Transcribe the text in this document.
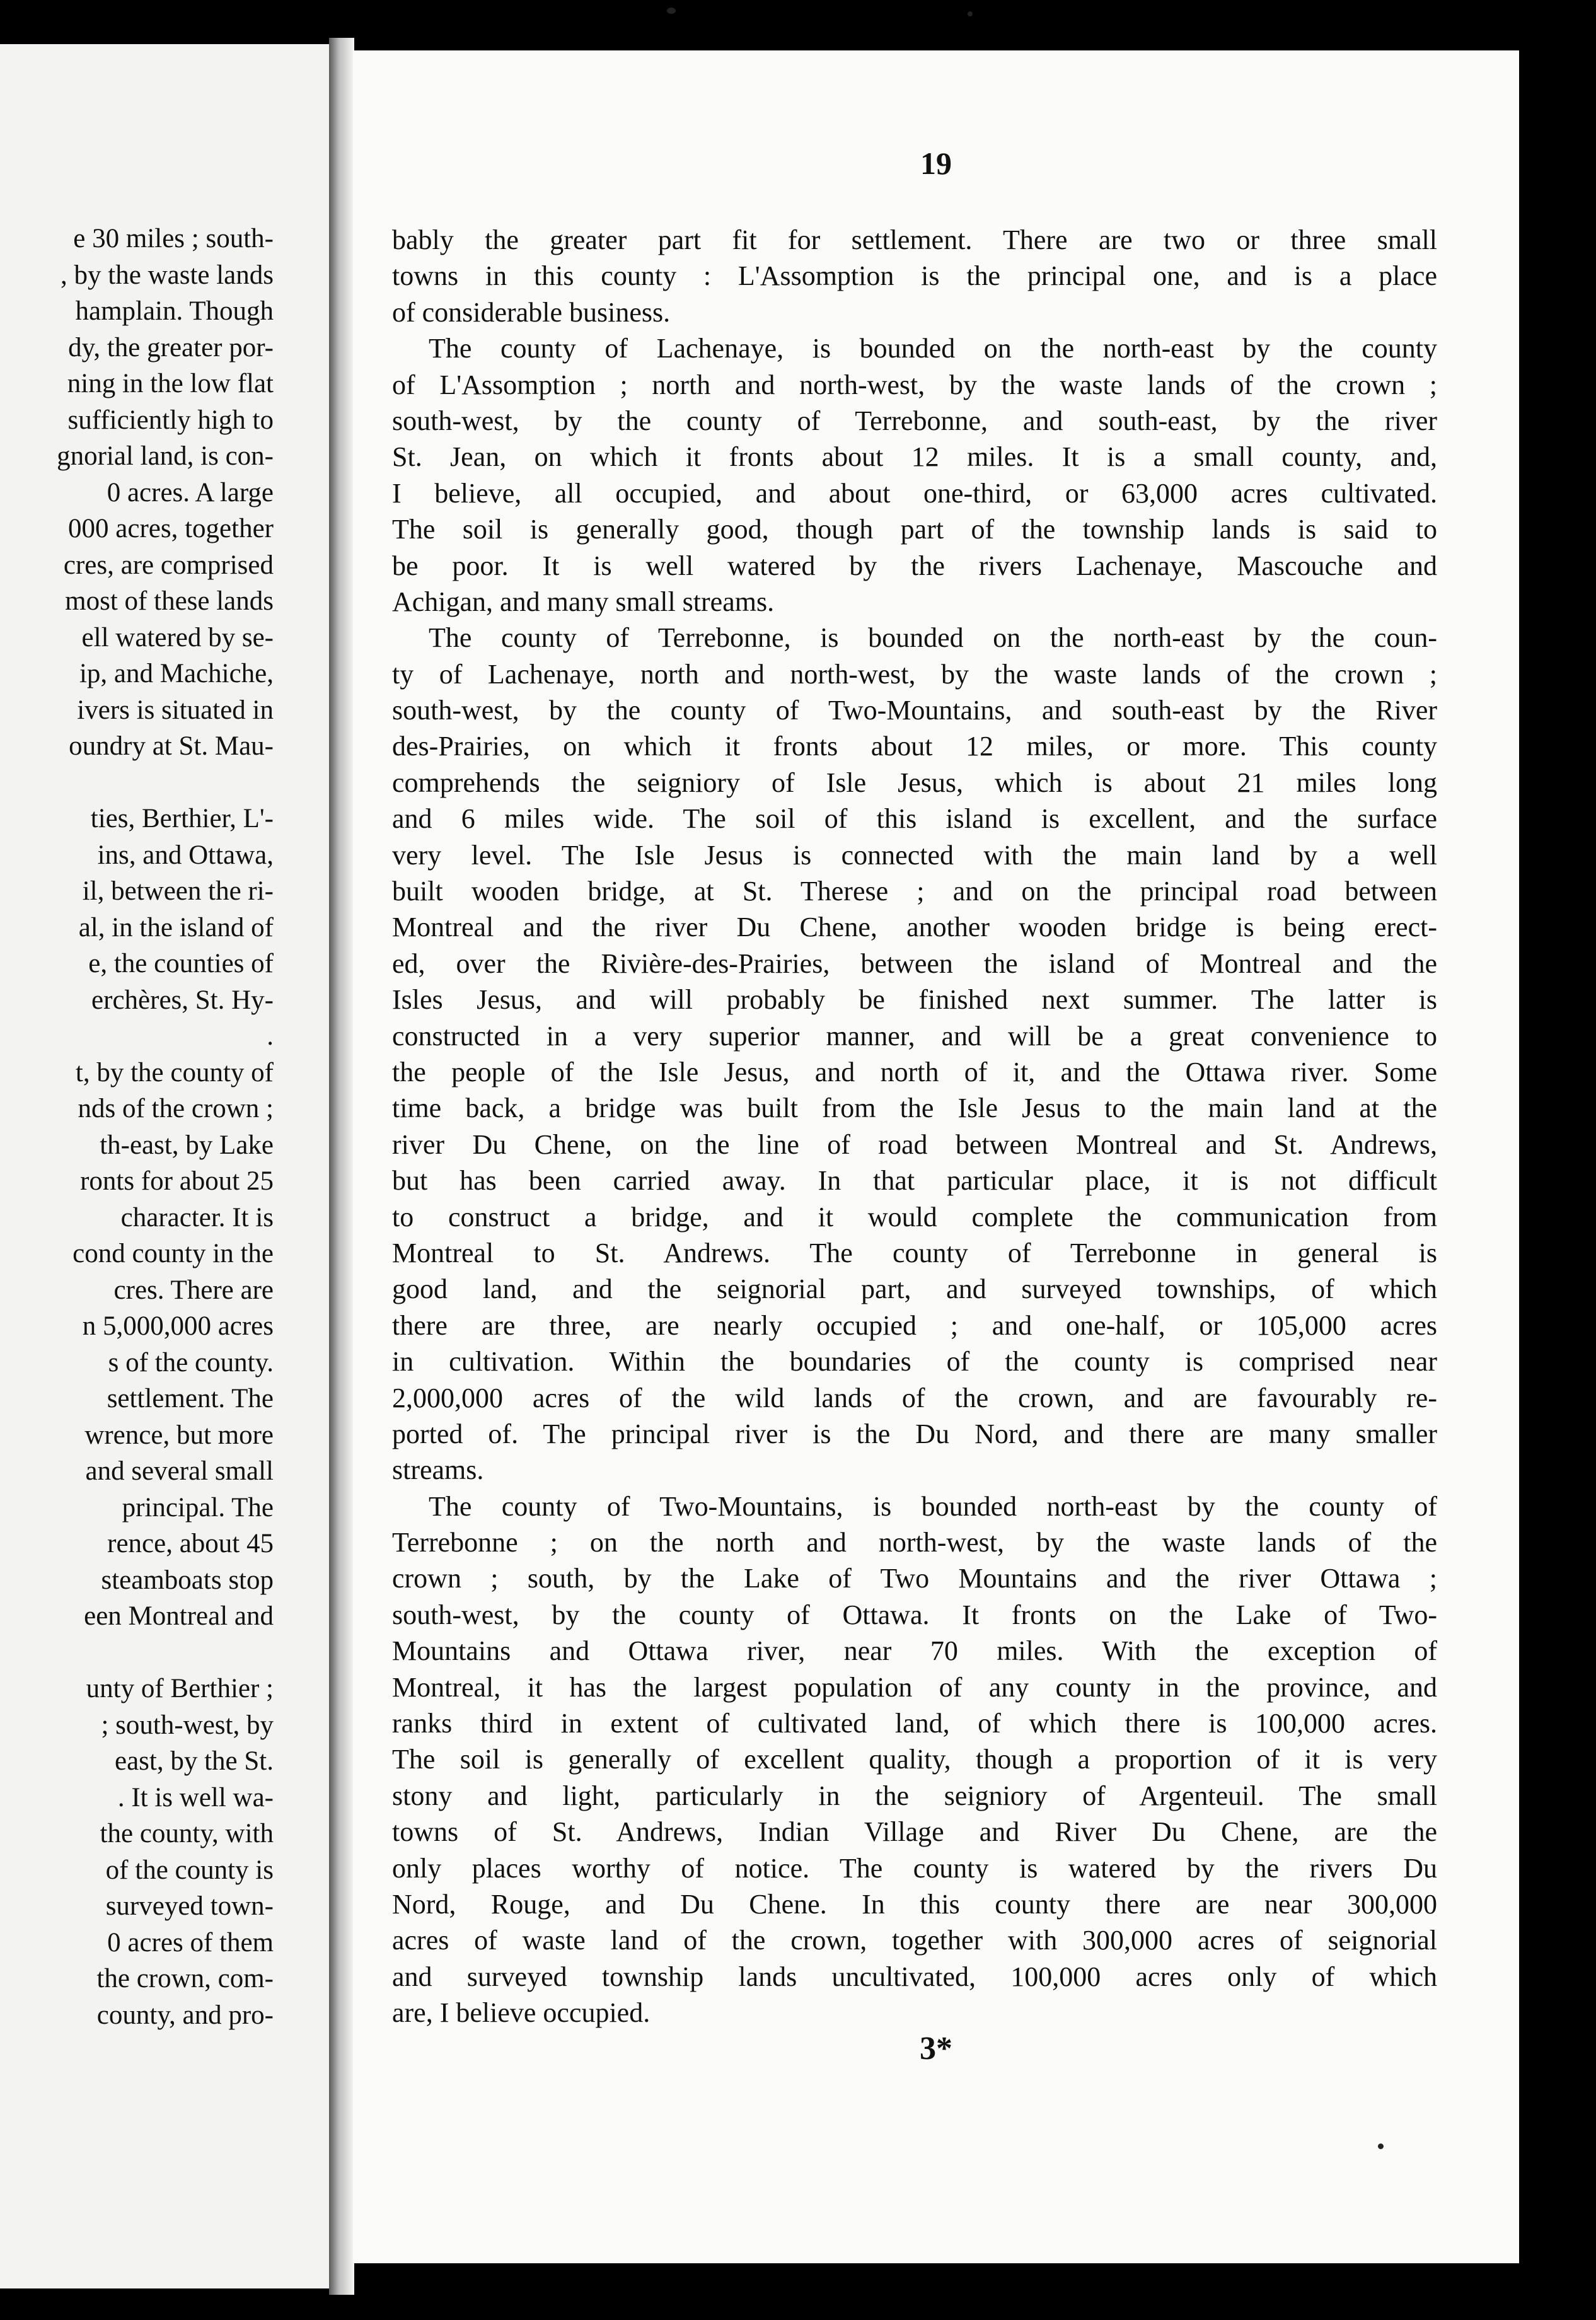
e 30 miles ; south-
, by the waste lands
hamplain. Though
dy, the greater por-
ning in the low flat
sufficiently high to
gnorial land, is con-
0 acres. A large
000 acres, together
cres, are comprised
most of these lands
ell watered by se-
ip, and Machiche,
ivers is situated in
oundry at St. Mau-
ties, Berthier, L'-
ins, and Ottawa,
il, between the ri-
al, in the island of
e, the counties of
erchères, St. Hy-
.
t, by the county of
nds of the crown ;
th-east, by Lake
ronts for about 25
character. It is
cond county in the
cres. There are
n 5,000,000 acres
s of the county.
settlement. The
wrence, but more
and several small
principal. The
rence, about 45
steamboats stop
een Montreal and
unty of Berthier ;
; south-west, by
east, by the St.
. It is well wa-
the county, with
of the county is
surveyed town-
0 acres of them
the crown, com-
county, and pro-
19
bably the greater part fit for settlement. There are two or three small
towns in this county : L'Assomption is the principal one, and is a place
of considerable business.
The county of Lachenaye, is bounded on the north-east by the county
of L'Assomption ; north and north-west, by the waste lands of the crown ;
south-west, by the county of Terrebonne, and south-east, by the river
St. Jean, on which it fronts about 12 miles. It is a small county, and,
I believe, all occupied, and about one-third, or 63,000 acres cultivated.
The soil is generally good, though part of the township lands is said to
be poor. It is well watered by the rivers Lachenaye, Mascouche and
Achigan, and many small streams.
The county of Terrebonne, is bounded on the north-east by the coun-
ty of Lachenaye, north and north-west, by the waste lands of the crown ;
south-west, by the county of Two-Mountains, and south-east by the River
des-Prairies, on which it fronts about 12 miles, or more. This county
comprehends the seigniory of Isle Jesus, which is about 21 miles long
and 6 miles wide. The soil of this island is excellent, and the surface
very level. The Isle Jesus is connected with the main land by a well
built wooden bridge, at St. Therese ; and on the principal road between
Montreal and the river Du Chene, another wooden bridge is being erect-
ed, over the Rivière-des-Prairies, between the island of Montreal and the
Isles Jesus, and will probably be finished next summer. The latter is
constructed in a very superior manner, and will be a great convenience to
the people of the Isle Jesus, and north of it, and the Ottawa river. Some
time back, a bridge was built from the Isle Jesus to the main land at the
river Du Chene, on the line of road between Montreal and St. Andrews,
but has been carried away. In that particular place, it is not difficult
to construct a bridge, and it would complete the communication from
Montreal to St. Andrews. The county of Terrebonne in general is
good land, and the seignorial part, and surveyed townships, of which
there are three, are nearly occupied ; and one-half, or 105,000 acres
in cultivation. Within the boundaries of the county is comprised near
2,000,000 acres of the wild lands of the crown, and are favourably re-
ported of. The principal river is the Du Nord, and there are many smaller
streams.
The county of Two-Mountains, is bounded north-east by the county of
Terrebonne ; on the north and north-west, by the waste lands of the
crown ; south, by the Lake of Two Mountains and the river Ottawa ;
south-west, by the county of Ottawa. It fronts on the Lake of Two-
Mountains and Ottawa river, near 70 miles. With the exception of
Montreal, it has the largest population of any county in the province, and
ranks third in extent of cultivated land, of which there is 100,000 acres.
The soil is generally of excellent quality, though a proportion of it is very
stony and light, particularly in the seigniory of Argenteuil. The small
towns of St. Andrews, Indian Village and River Du Chene, are the
only places worthy of notice. The county is watered by the rivers Du
Nord, Rouge, and Du Chene. In this county there are near 300,000
acres of waste land of the crown, together with 300,000 acres of seignorial
and surveyed township lands uncultivated, 100,000 acres only of which
are, I believe occupied.
3*
